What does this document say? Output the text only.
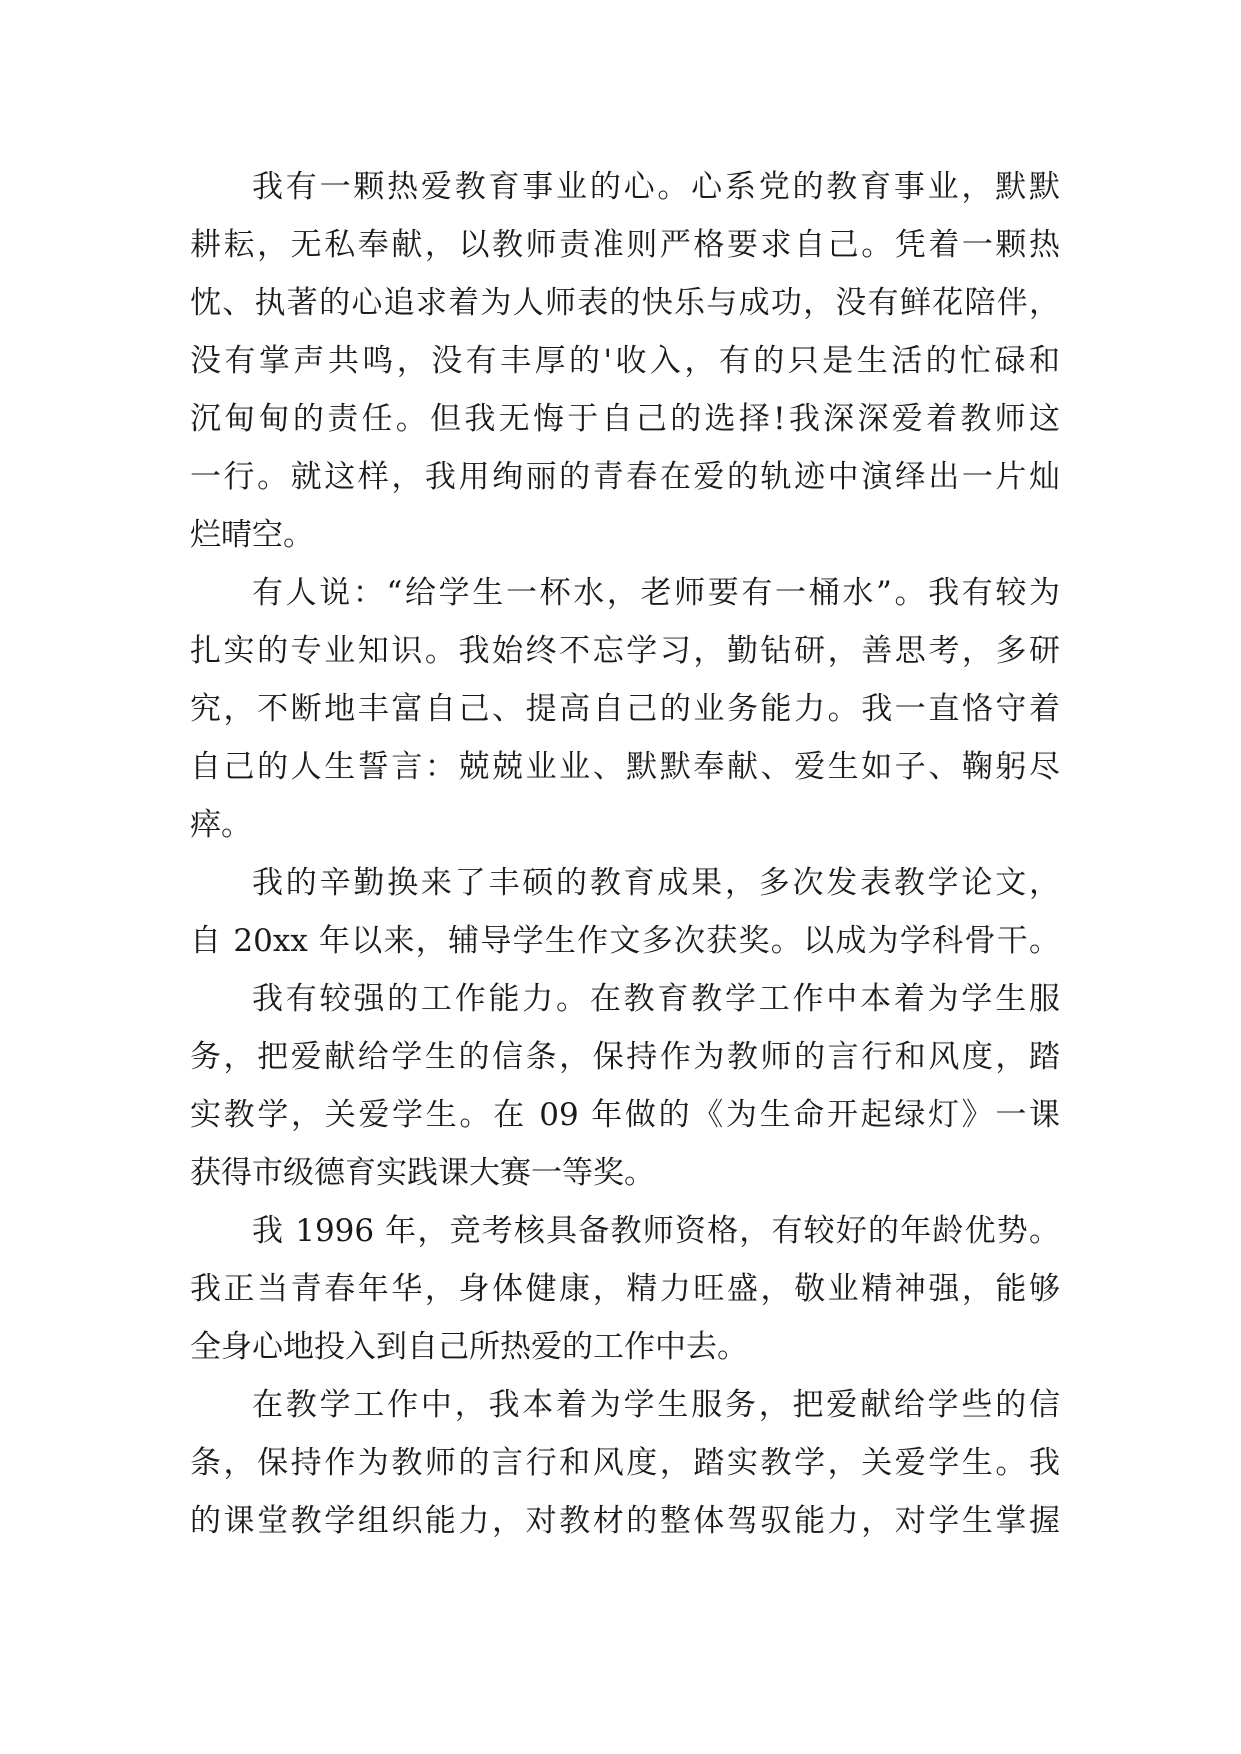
我有一颗热爱教育事业的心。心系党的教育事业，默默
耕耘，无私奉献，以教师责准则严格要求自己。凭着一颗热
忱、执著的心追求着为人师表的快乐与成功，没有鲜花陪伴，
没有掌声共鸣，没有丰厚的'收入，有的只是生活的忙碌和
沉甸甸的责任。但我无悔于自己的选择!我深深爱着教师这
一行。就这样，我用绚丽的青春在爱的轨迹中演绎出一片灿
烂晴空。
有人说：“给学生一杯水，老师要有一桶水”。我有较为
扎实的专业知识。我始终不忘学习，勤钻研，善思考，多研
究，不断地丰富自己、提高自己的业务能力。我一直恪守着
自己的人生誓言：兢兢业业、默默奉献、爱生如子、鞠躬尽
瘁。
我的辛勤换来了丰硕的教育成果，多次发表教学论文，
自 20xx 年以来，辅导学生作文多次获奖。以成为学科骨干。
我有较强的工作能力。在教育教学工作中本着为学生服
务，把爱献给学生的信条，保持作为教师的言行和风度，踏
实教学，关爱学生。在 09 年做的《为生命开起绿灯》一课
获得市级德育实践课大赛一等奖。
我 1996 年，竞考核具备教师资格，有较好的年龄优势。
我正当青春年华，身体健康，精力旺盛，敬业精神强，能够
全身心地投入到自己所热爱的工作中去。
在教学工作中，我本着为学生服务，把爱献给学些的信
条，保持作为教师的言行和风度，踏实教学，关爱学生。我
的课堂教学组织能力，对教材的整体驾驭能力，对学生掌握
